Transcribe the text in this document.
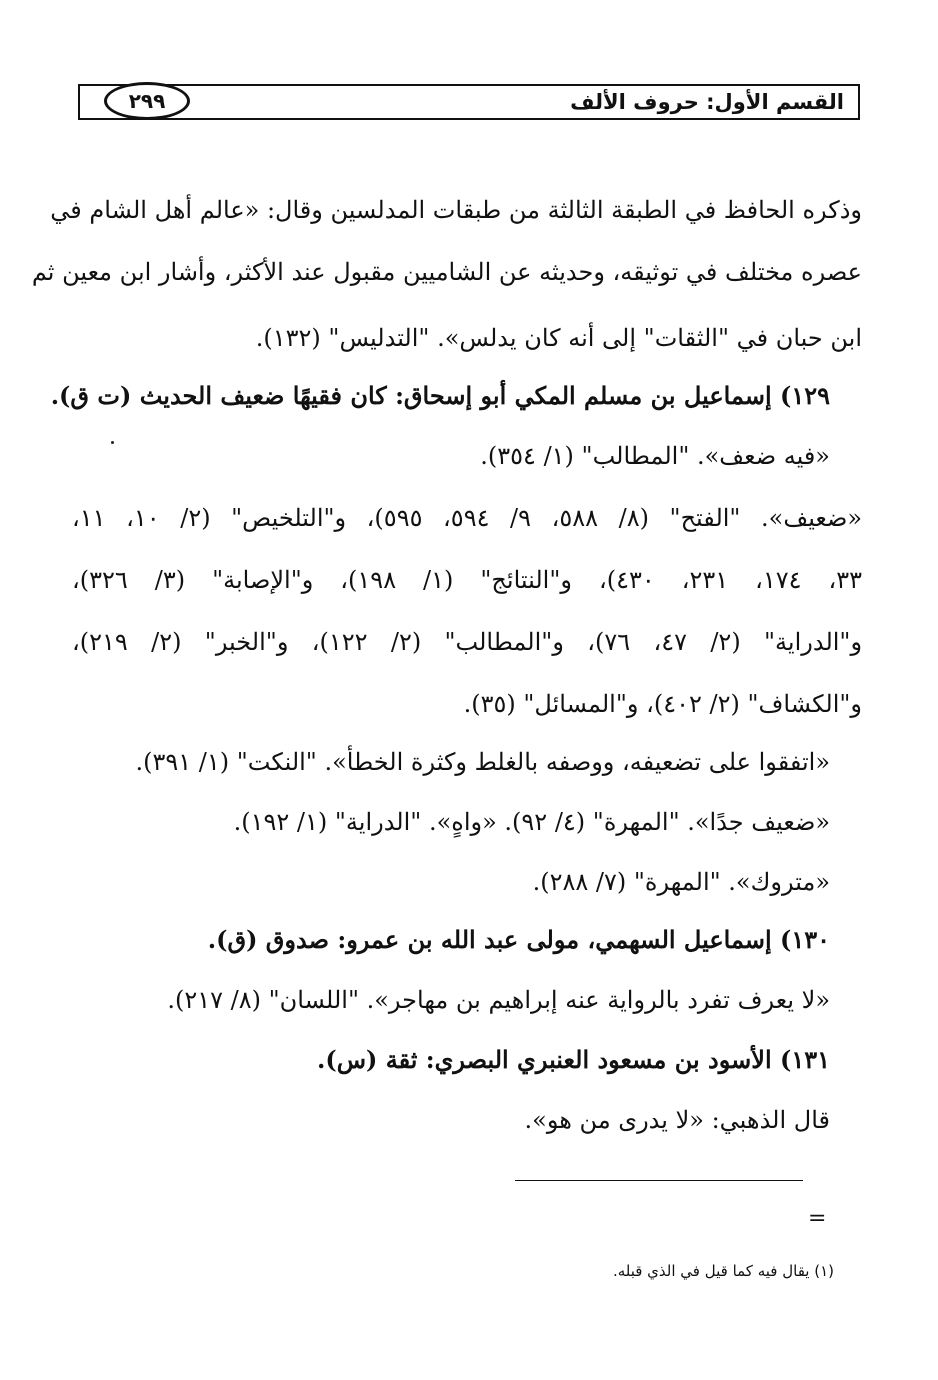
القسم الأول: حروف الألف
٢٩٩
وذكره الحافظ في الطبقة الثالثة من طبقات المدلسين وقال: «عالم أهل الشام في
عصره مختلف في توثيقه، وحديثه عن الشاميين مقبول عند الأكثر، وأشار ابن معين ثم
ابن حبان في "الثقات" إلى أنه كان يدلس». "التدليس" (١٣٢).
١٢٩) إسماعيل بن مسلم المكي أبو إسحاق: كان فقيهًا ضعيف الحديث (ت ق).
«فيه ضعف». "المطالب" (١/ ٣٥٤).
«ضعيف». "الفتح" (٨/ ٥٨٨، ٩/ ٥٩٤، ٥٩٥)، و"التلخيص" (٢/ ١٠، ١١،
٣٣، ١٧٤، ٢٣١، ٤٣٠)، و"النتائج" (١/ ١٩٨)، و"الإصابة" (٣/ ٣٢٦)،
و"الدراية" (٢/ ٤٧، ٧٦)، و"المطالب" (٢/ ١٢٢)، و"الخبر" (٢/ ٢١٩)،
و"الكشاف" (٢/ ٤٠٢)، و"المسائل" (٣٥).
«اتفقوا على تضعيفه، ووصفه بالغلط وكثرة الخطأ». "النكت" (١/ ٣٩١).
«ضعيف جدًا». "المهرة" (٤/ ٩٢). «واهٍ». "الدراية" (١/ ١٩٢).
«متروك». "المهرة" (٧/ ٢٨٨).
١٣٠) إسماعيل السهمي، مولى عبد الله بن عمرو: صدوق (ق).
«لا يعرف تفرد بالرواية عنه إبراهيم بن مهاجر». "اللسان" (٨/ ٢١٧).
١٣١) الأسود بن مسعود العنبري البصري: ثقة (س).
قال الذهبي: «لا يدرى من هو».
=
(١) يقال فيه كما قيل في الذي قبله.
